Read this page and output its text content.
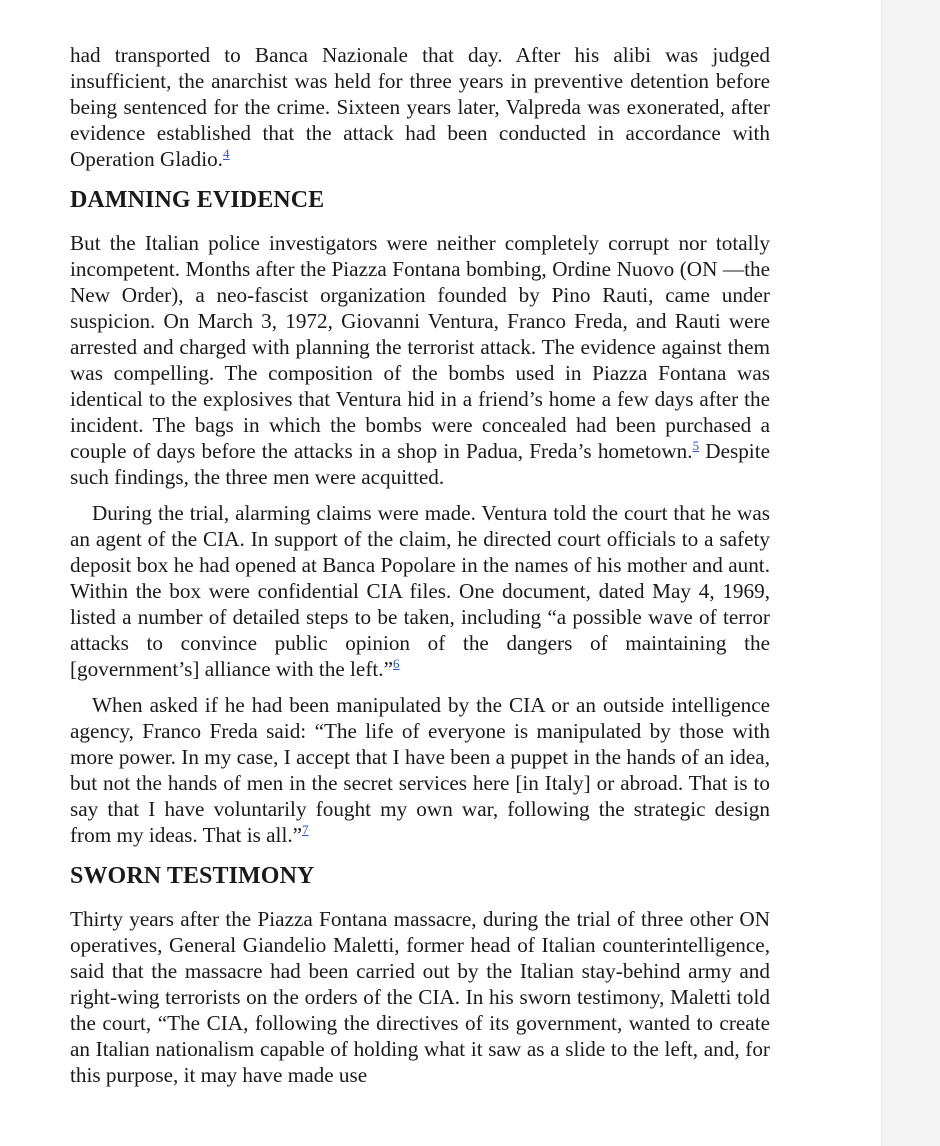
had transported to Banca Nazionale that day. After his alibi was judged insufficient, the anarchist was held for three years in preventive detention before being sentenced for the crime. Sixteen years later, Valpreda was exonerated, after evidence established that the attack had been conducted in accordance with Operation Gladio.$^4$

DAMNING EVIDENCE

But the Italian police investigators were neither completely corrupt nor totally incompetent. Months after the Piazza Fontana bombing, Ordine Nuovo (ON —the New Order), a neo-fascist organization founded by Pino Rauti, came under suspicion. On March 3, 1972, Giovanni Ventura, Franco Freda, and Rauti were arrested and charged with planning the terrorist attack. The evidence against them was compelling. The composition of the bombs used in Piazza Fontana was identical to the explosives that Ventura hid in a friend’s home a few days after the incident. The bags in which the bombs were concealed had been purchased a couple of days before the attacks in a shop in Padua, Freda’s hometown.$^5$ Despite such findings, the three men were acquitted.

During the trial, alarming claims were made. Ventura told the court that he was an agent of the CIA. In support of the claim, he directed court officials to a safety deposit box he had opened at Banca Popolare in the names of his mother and aunt. Within the box were confidential CIA files. One document, dated May 4, 1969, listed a number of detailed steps to be taken, including “a possible wave of terror attacks to convince public opinion of the dangers of maintaining the [government’s] alliance with the left.”$^6$

When asked if he had been manipulated by the CIA or an outside intelligence agency, Franco Freda said: “The life of everyone is manipulated by those with more power. In my case, I accept that I have been a puppet in the hands of an idea, but not the hands of men in the secret services here [in Italy] or abroad. That is to say that I have voluntarily fought my own war, following the strategic design from my ideas. That is all.”$^7$

SWORN TESTIMONY

Thirty years after the Piazza Fontana massacre, during the trial of three other ON operatives, General Giandelio Maletti, former head of Italian counterintelligence, said that the massacre had been carried out by the Italian stay-behind army and right-wing terrorists on the orders of the CIA. In his sworn testimony, Maletti told the court, “The CIA, following the directives of its government, wanted to create an Italian nationalism capable of holding what it saw as a slide to the left, and, for this purpose, it may have made use
